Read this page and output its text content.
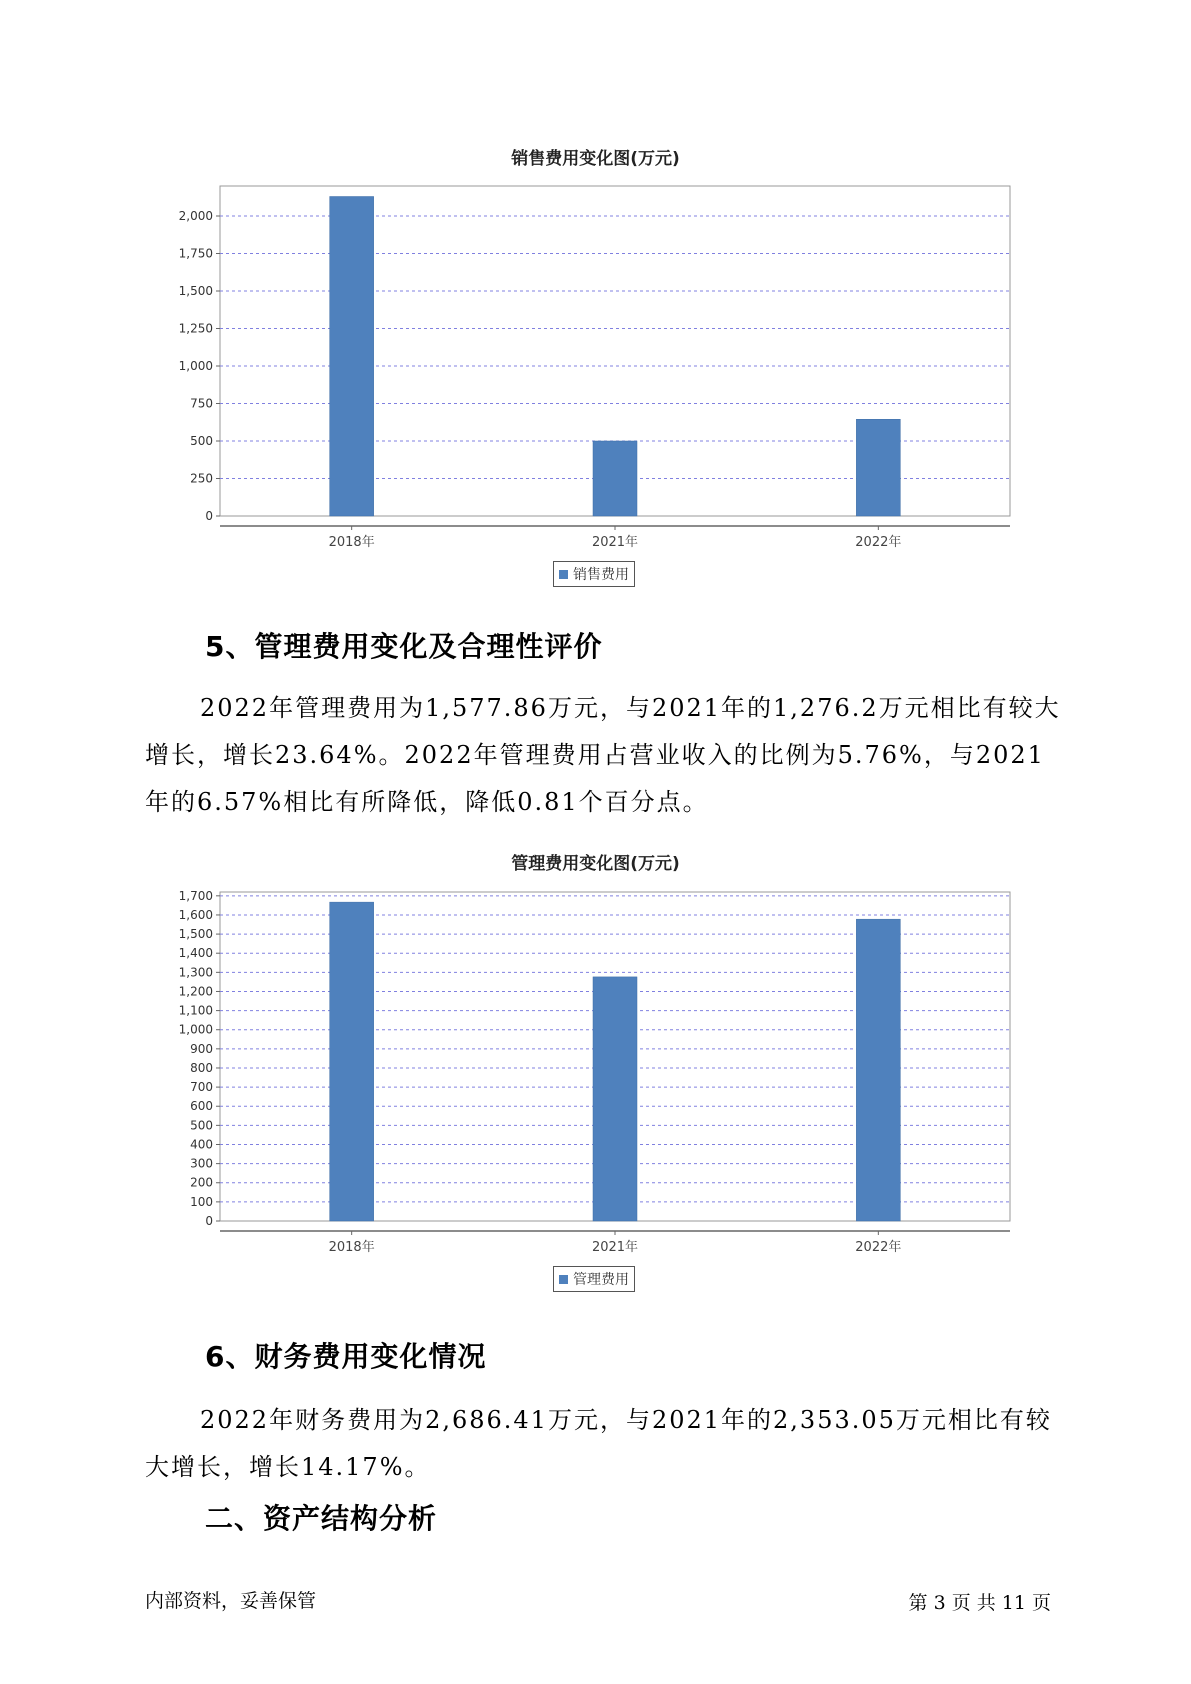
销售费用变化图(万元)
0
250
500
750
1,000
1,250
1,500
1,750
2,000
2018年	2021年	2022年
销售费用
5、管理费用变化及合理性评价
2022年管理费用为1,577.86万元，与2021年的1,276.2万元相比有较大增长，增长23.64%。2022年管理费用占营业收入的比例为5.76%，与2021年的6.57%相比有所降低，降低0.81个百分点。
管理费用变化图(万元)
0
100
200
300
400
500
600
700
800
900
1,000
1,100
1,200
1,300
1,400
1,500
1,600
1,700
2018年	2021年	2022年
管理费用
6、财务费用变化情况
2022年财务费用为2,686.41万元，与2021年的2,353.05万元相比有较大增长，增长14.17%。
二、资产结构分析
内部资料，妥善保管	第 3 页 共 11 页
